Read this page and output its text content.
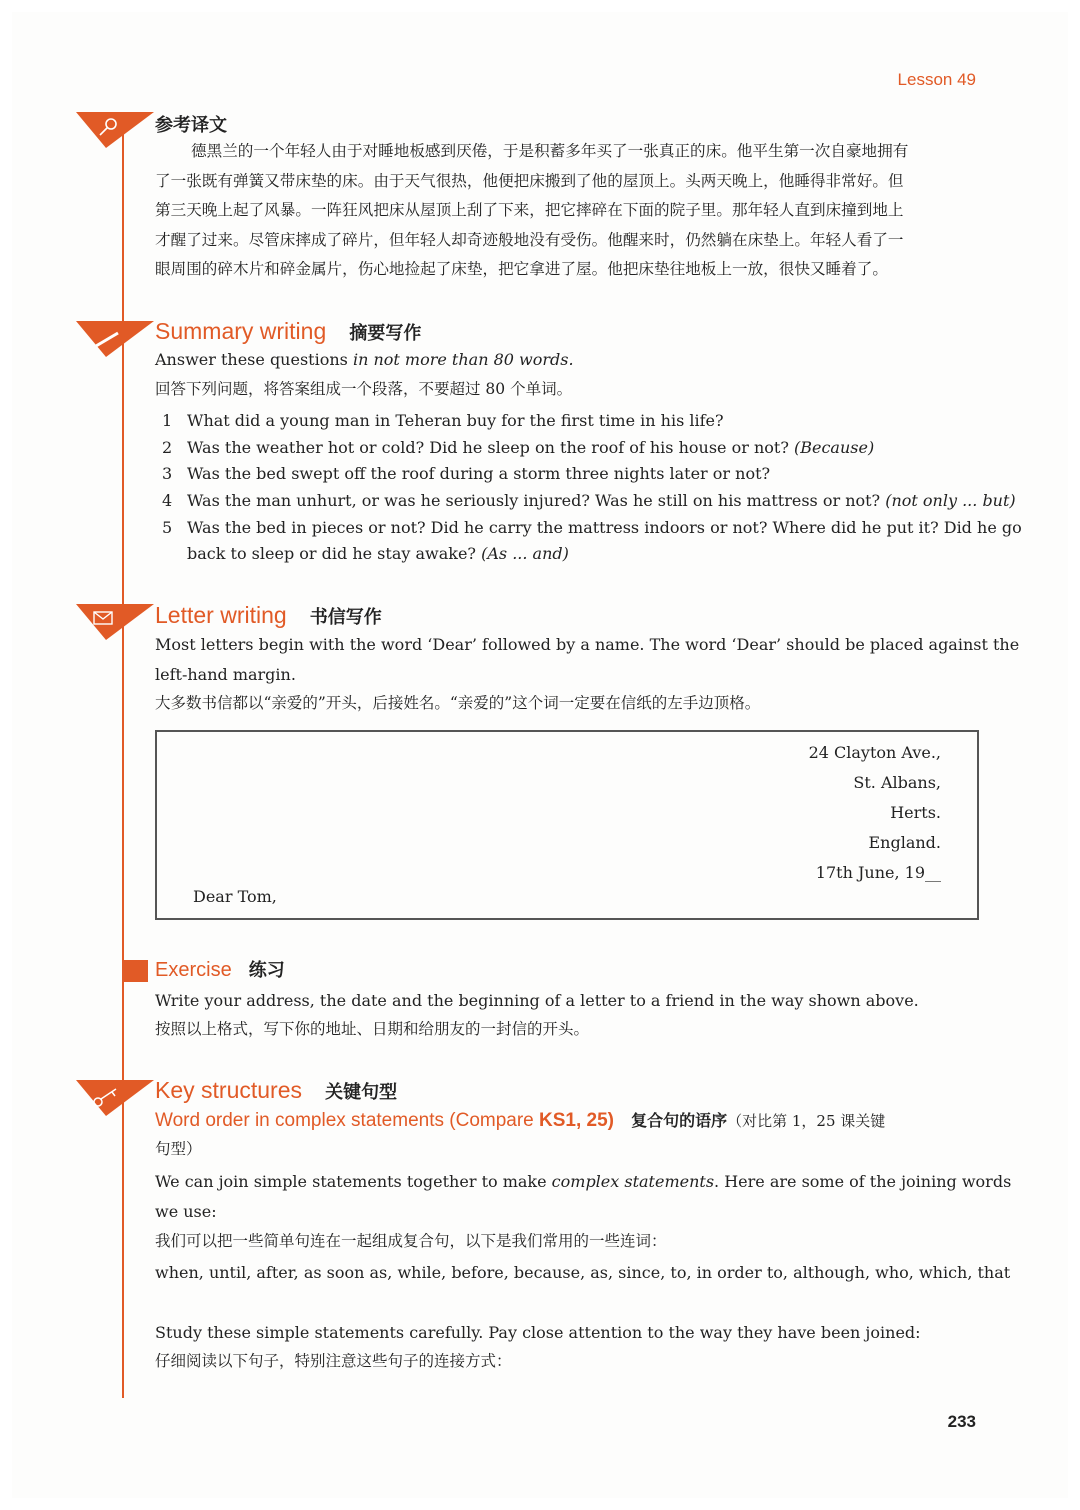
Lesson 49
参考译文
德黑兰的一个年轻人由于对睡地板感到厌倦，于是积蓄多年买了一张真正的床。他平生第一次自豪地拥有
了一张既有弹簧又带床垫的床。由于天气很热，他便把床搬到了他的屋顶上。头两天晚上，他睡得非常好。但
第三天晚上起了风暴。一阵狂风把床从屋顶上刮了下来，把它摔碎在下面的院子里。那年轻人直到床撞到地上
才醒了过来。尽管床摔成了碎片，但年轻人却奇迹般地没有受伤。他醒来时，仍然躺在床垫上。年轻人看了一
眼周围的碎木片和碎金属片，伤心地捡起了床垫，把它拿进了屋。他把床垫往地板上一放，很快又睡着了。
Summary writing 摘要写作
Answer these questions in not more than 80 words.
回答下列问题，将答案组成一个段落，不要超过 80 个单词。
1 What did a young man in Teheran buy for the first time in his life?
2 Was the weather hot or cold? Did he sleep on the roof of his house or not? (Because)
3 Was the bed swept off the roof during a storm three nights later or not?
4 Was the man unhurt, or was he seriously injured? Was he still on his mattress or not? (not only ... but)
5 Was the bed in pieces or not? Did he carry the mattress indoors or not? Where did he put it? Did he go
back to sleep or did he stay awake? (As ... and)
Letter writing 书信写作
Most letters begin with the word ‘Dear’ followed by a name. The word ‘Dear’ should be placed against the
left-hand margin.
大多数书信都以“亲爱的”开头，后接姓名。“亲爱的”这个词一定要在信纸的左手边顶格。
24 Clayton Ave.,
St. Albans,
Herts.
England.
17th June, 19__
Dear Tom,
Exercise 练习
Write your address, the date and the beginning of a letter to a friend in the way shown above.
按照以上格式，写下你的地址、日期和给朋友的一封信的开头。
Key structures 关键句型
Word order in complex statements (Compare KS1, 25) 复合句的语序（对比第 1，25 课关键
句型）
We can join simple statements together to make complex statements. Here are some of the joining words
we use:
我们可以把一些简单句连在一起组成复合句，以下是我们常用的一些连词：
when, until, after, as soon as, while, before, because, as, since, to, in order to, although, who, which, that
Study these simple statements carefully. Pay close attention to the way they have been joined:
仔细阅读以下句子，特别注意这些句子的连接方式：
233
